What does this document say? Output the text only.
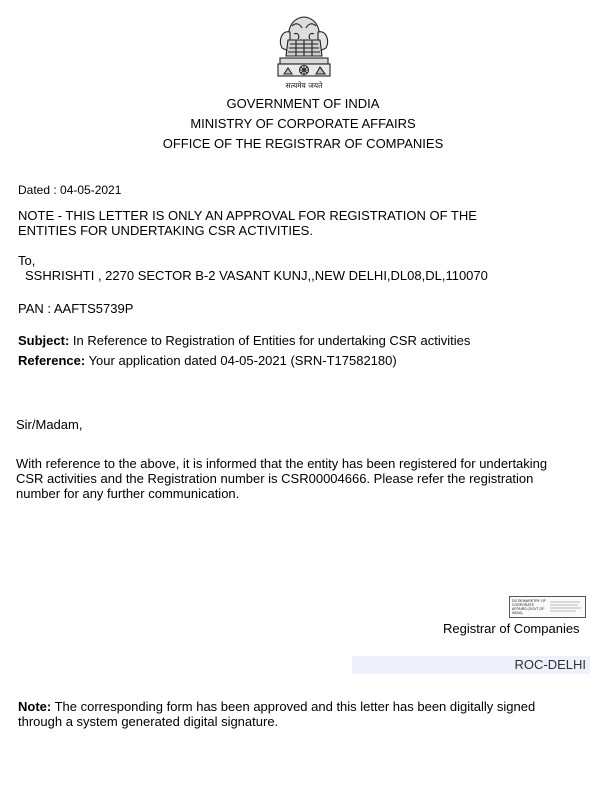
सत्यमेव जयते
GOVERNMENT OF INDIA
MINISTRY OF CORPORATE AFFAIRS
OFFICE OF THE REGISTRAR OF COMPANIES
Dated : 04-05-2021
NOTE - THIS LETTER IS ONLY AN APPROVAL FOR REGISTRATION OF THE
ENTITIES FOR UNDERTAKING CSR ACTIVITIES.
To,
SSHRISHTI , 2270 SECTOR B-2 VASANT KUNJ,,NEW DELHI,DL08,DL,110070
PAN : AAFTS5739P
Subject: In Reference to Registration of Entities for undertaking CSR activities
Reference: Your application dated 04-05-2021 (SRN-T17582180)
Sir/Madam,
With reference to the above, it is informed that the entity has been registered for undertaking
CSR activities and the Registration number is CSR00004666. Please refer the registration
number for any further communication.
DS DEWARETRY OF CORPORATE AFFAIRS (GOVT OF INDIA)
Registrar of Companies
ROC-DELHI
Note: The corresponding form has been approved and this letter has been digitally signed
through a system generated digital signature.
